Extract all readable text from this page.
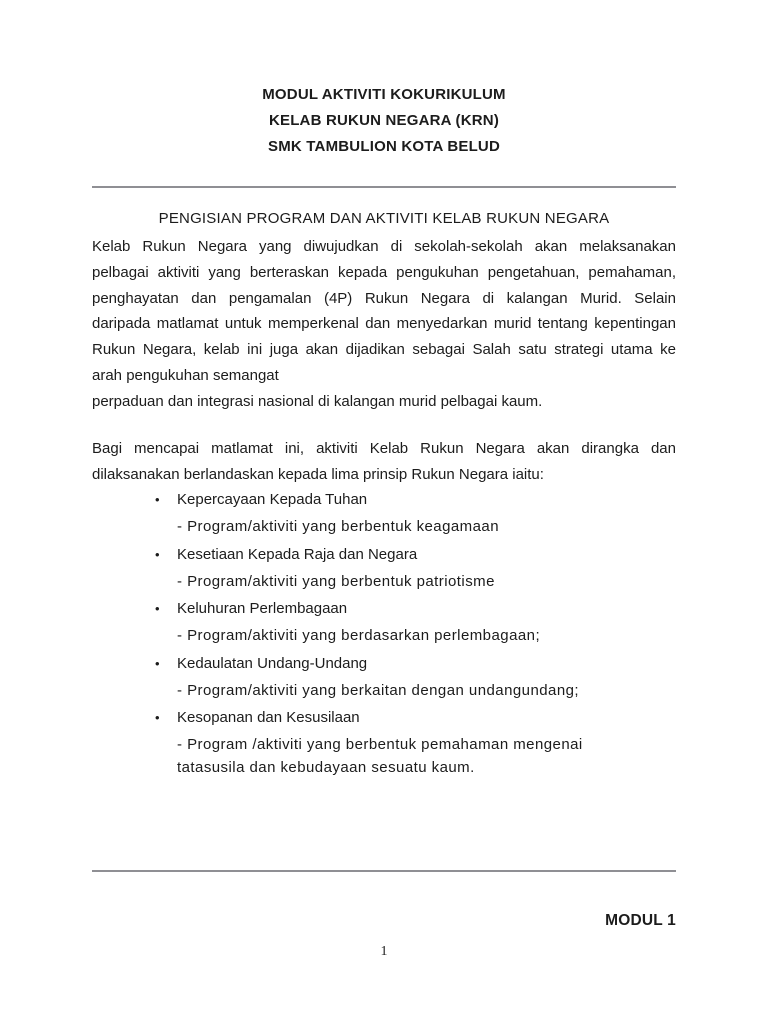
MODUL AKTIVITI KOKURIKULUM
KELAB RUKUN NEGARA (KRN)
SMK TAMBULION KOTA BELUD
PENGISIAN PROGRAM DAN AKTIVITI KELAB RUKUN NEGARA
Kelab Rukun Negara yang diwujudkan di sekolah-sekolah akan melaksanakan
pelbagai aktiviti yang berteraskan kepada pengukuhan pengetahuan, pemahaman,
penghayatan dan pengamalan (4P) Rukun Negara di kalangan Murid. Selain
daripada matlamat untuk memperkenal dan menyedarkan murid tentang kepentingan
Rukun Negara, kelab ini juga akan dijadikan sebagai Salah satu strategi utama ke
arah pengukuhan semangat
perpaduan dan integrasi nasional di kalangan murid pelbagai kaum.
Bagi mencapai matlamat ini, aktiviti Kelab Rukun Negara akan dirangka dan
dilaksanakan berlandaskan kepada lima prinsip Rukun Negara iaitu:
•	Kepercayaan Kepada Tuhan
- Program/aktiviti yang berbentuk keagamaan
•	Kesetiaan Kepada Raja dan Negara
- Program/aktiviti yang berbentuk patriotisme
•	Keluhuran Perlembagaan
- Program/aktiviti yang berdasarkan perlembagaan;
•	Kedaulatan Undang-Undang
- Program/aktiviti yang berkaitan dengan undangundang;
•	Kesopanan dan Kesusilaan
- Program /aktiviti yang berbentuk pemahaman mengenai
tatasusila dan kebudayaan sesuatu kaum.
MODUL 1
1
